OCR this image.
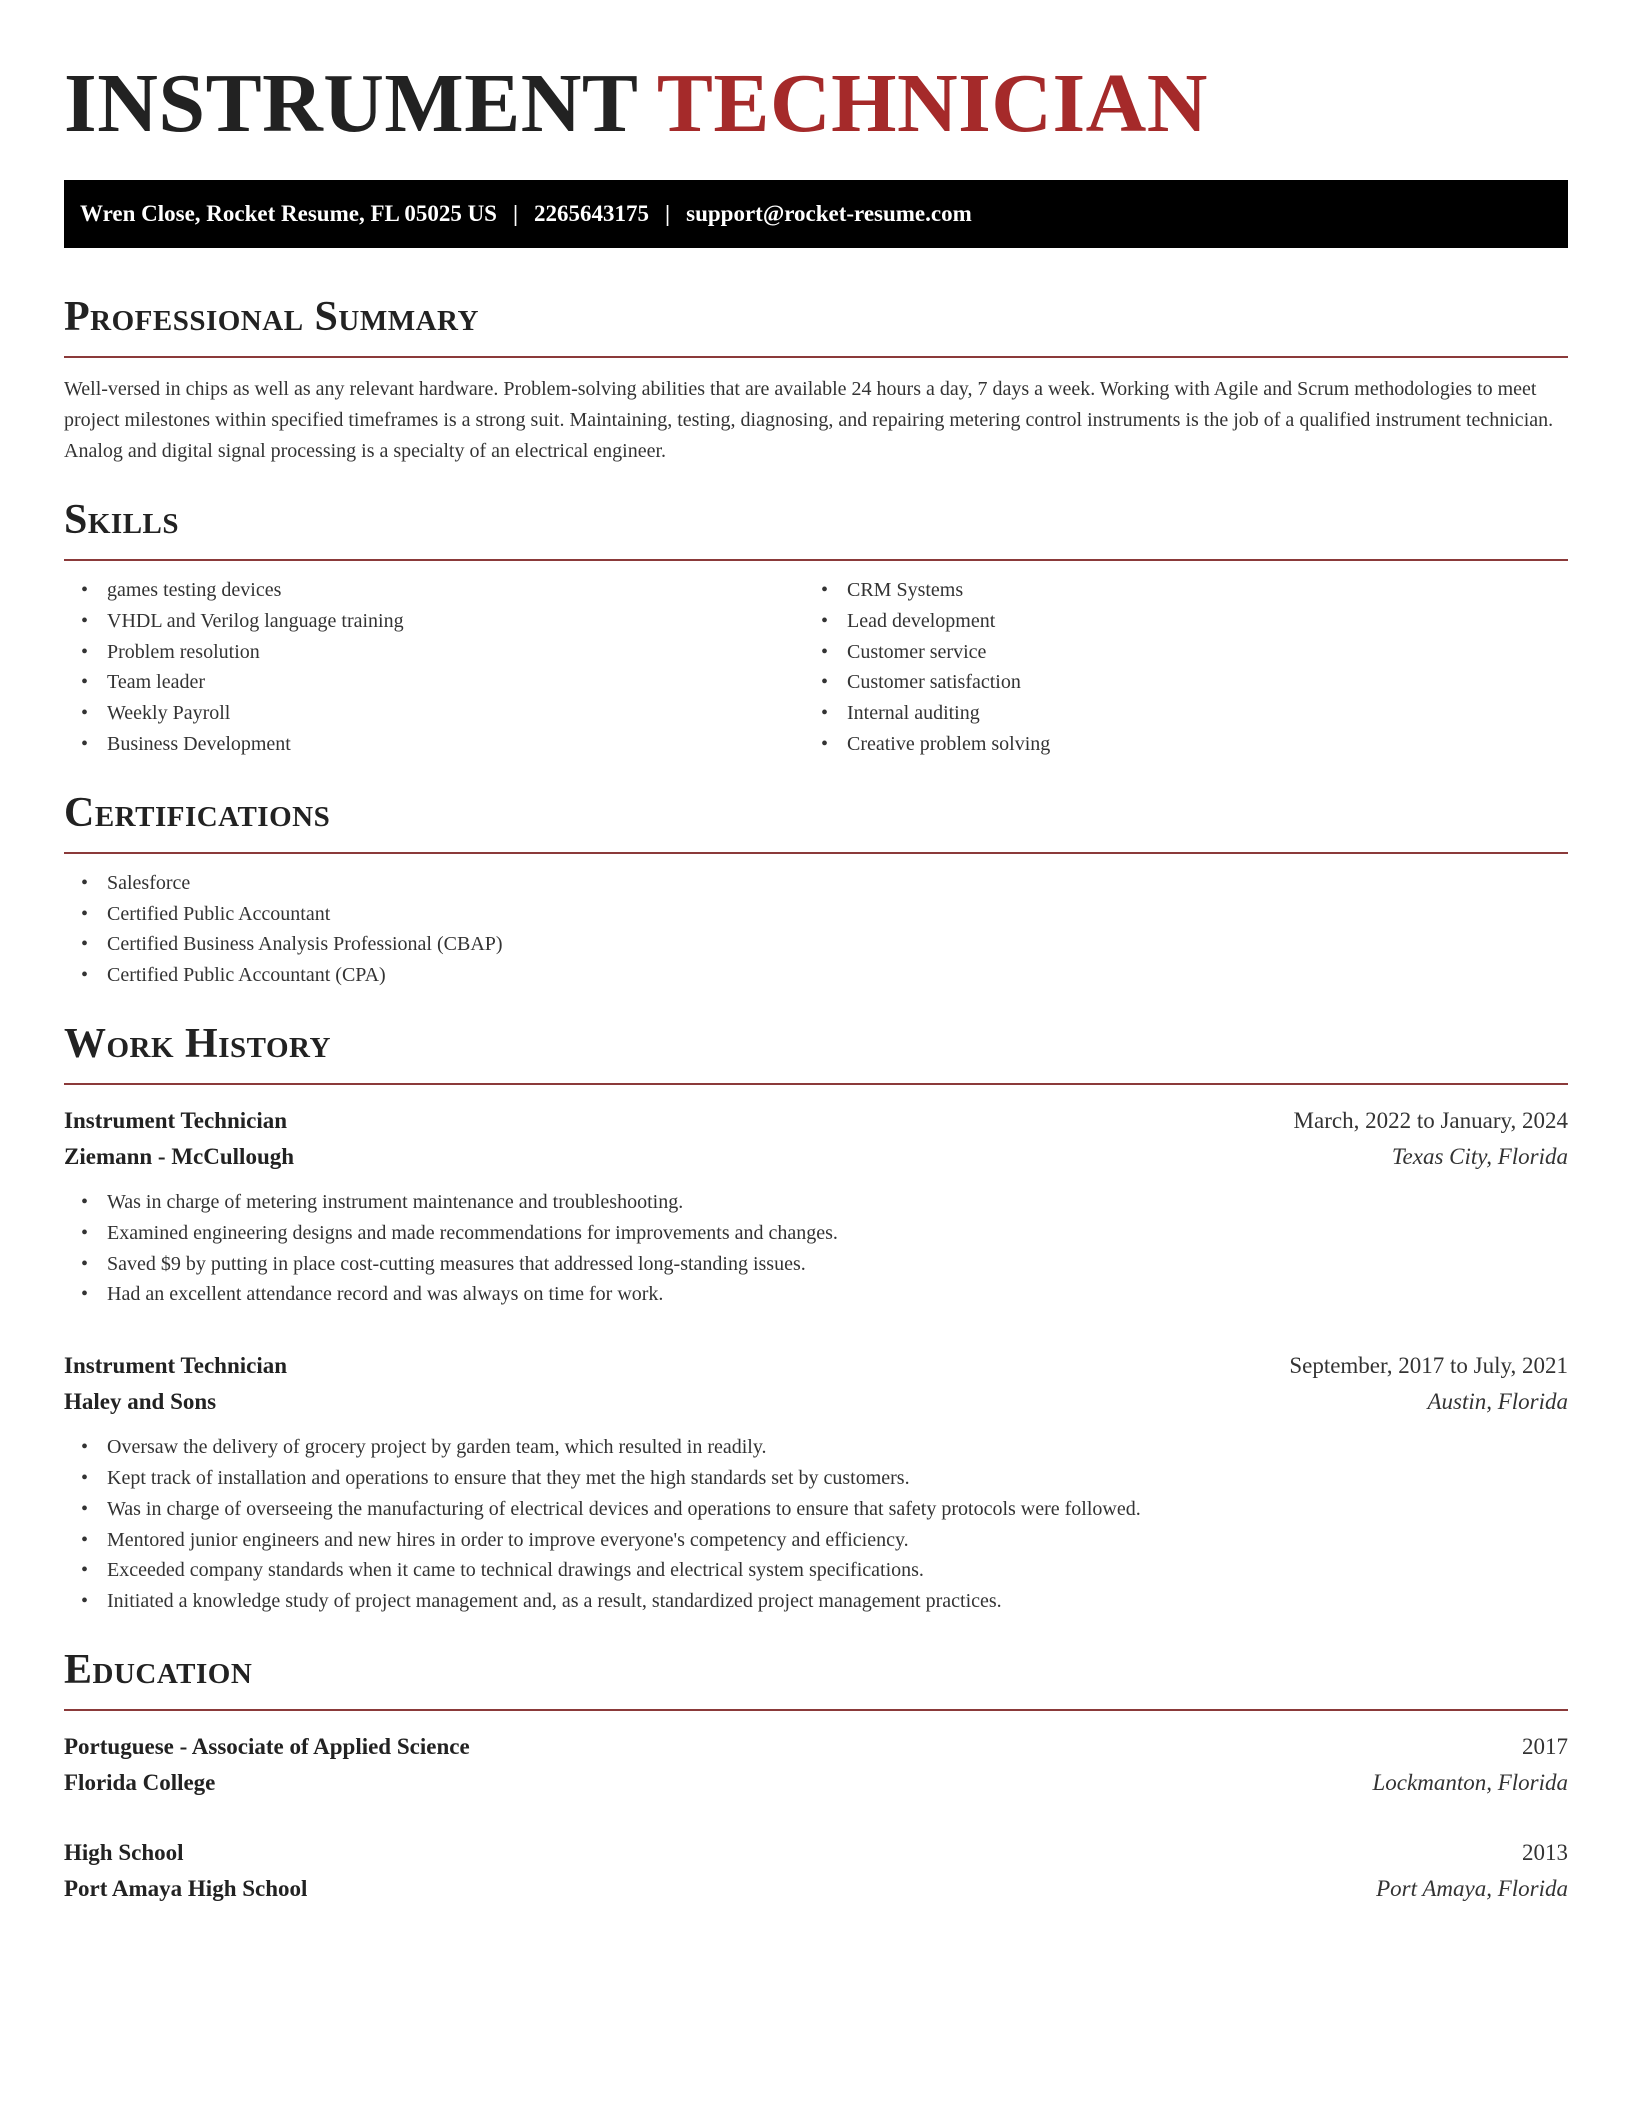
INSTRUMENT TECHNICIAN
Wren Close, Rocket Resume, FL 05025 US | 2265643175 | support@rocket-resume.com
Professional Summary
Well-versed in chips as well as any relevant hardware. Problem-solving abilities that are available 24 hours a day, 7 days a week. Working with Agile and Scrum methodologies to meet project milestones within specified timeframes is a strong suit. Maintaining, testing, diagnosing, and repairing metering control instruments is the job of a qualified instrument technician. Analog and digital signal processing is a specialty of an electrical engineer.
Skills
• games testing devices
• VHDL and Verilog language training
• Problem resolution
• Team leader
• Weekly Payroll
• Business Development
• CRM Systems
• Lead development
• Customer service
• Customer satisfaction
• Internal auditing
• Creative problem solving
Certifications
• Salesforce
• Certified Public Accountant
• Certified Business Analysis Professional (CBAP)
• Certified Public Accountant (CPA)
Work History
Instrument Technician	March, 2022 to January, 2024
Ziemann - McCullough	Texas City, Florida
• Was in charge of metering instrument maintenance and troubleshooting.
• Examined engineering designs and made recommendations for improvements and changes.
• Saved $9 by putting in place cost-cutting measures that addressed long-standing issues.
• Had an excellent attendance record and was always on time for work.
Instrument Technician	September, 2017 to July, 2021
Haley and Sons	Austin, Florida
• Oversaw the delivery of grocery project by garden team, which resulted in readily.
• Kept track of installation and operations to ensure that they met the high standards set by customers.
• Was in charge of overseeing the manufacturing of electrical devices and operations to ensure that safety protocols were followed.
• Mentored junior engineers and new hires in order to improve everyone's competency and efficiency.
• Exceeded company standards when it came to technical drawings and electrical system specifications.
• Initiated a knowledge study of project management and, as a result, standardized project management practices.
Education
Portuguese - Associate of Applied Science	2017
Florida College	Lockmanton, Florida
High School	2013
Port Amaya High School	Port Amaya, Florida
